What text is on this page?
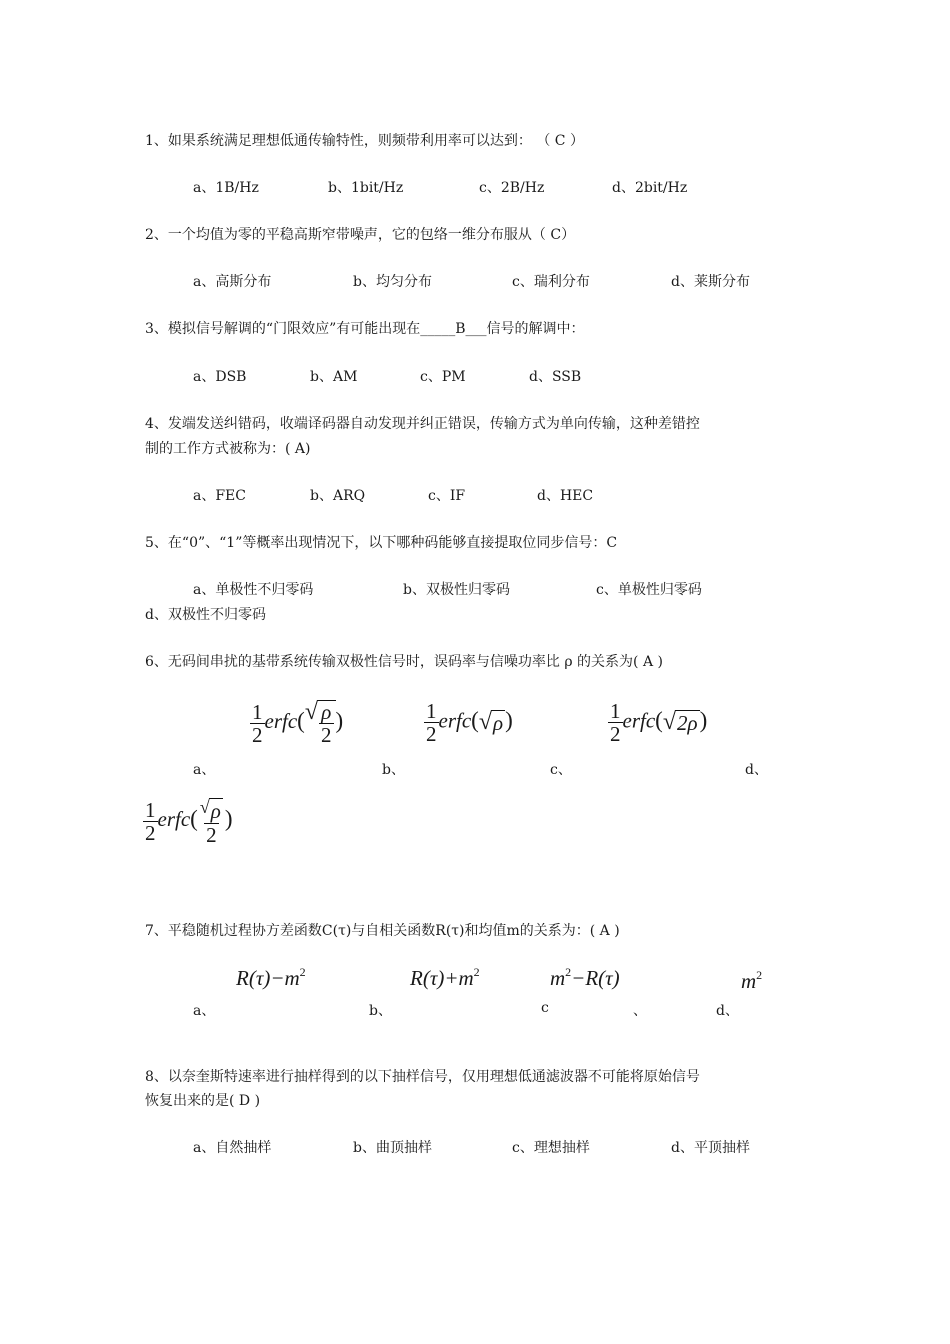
1、如果系统满足理想低通传输特性，则频带利用率可以达到： （ C ）
a、1B/Hz	b、1bit/Hz	c、2B/Hz	d、2bit/Hz
2、一个均值为零的平稳高斯窄带噪声，它的包络一维分布服从（ C）
a、高斯分布	b、均匀分布	c、瑞利分布	d、莱斯分布
3、模拟信号解调的“门限效应”有可能出现在_____B___信号的解调中：
a、DSB	b、AM	c、PM	d、SSB
4、发端发送纠错码，收端译码器自动发现并纠正错误，传输方式为单向传输，这种差错控
制的工作方式被称为：( A)
a、FEC	b、ARQ	c、IF	d、HEC
5、在“0”、“1”等概率出现情况下，以下哪种码能够直接提取位同步信号：C
a、单极性不归零码	b、双极性归零码	c、单极性归零码
d、双极性不归零码
6、无码间串扰的基带系统传输双极性信号时，误码率与信噪功率比 ρ 的关系为( A )
$\frac{1}{2}$ erfc( √ $\frac{\rho}{2}$ )	$\frac{1}{2}$ erfc( √ ρ )	$\frac{1}{2}$ erfc( √ 2ρ )
a、	b、	c、	d、
$\frac{1}{2}$ erfc( $\frac{√ \rho}{2}$ )
7、平稳随机过程协方差函数C(τ)与自相关函数R(τ)和均值m的关系为：( A )
$R(\tau)-m^2$	$R(\tau)+m^2$	$m^2-R(\tau)$	$m^2$
a、	b、	c	、	d、
8、以奈奎斯特速率进行抽样得到的以下抽样信号，仅用理想低通滤波器不可能将原始信号
恢复出来的是( D )
a、自然抽样	b、曲顶抽样	c、理想抽样	d、平顶抽样
